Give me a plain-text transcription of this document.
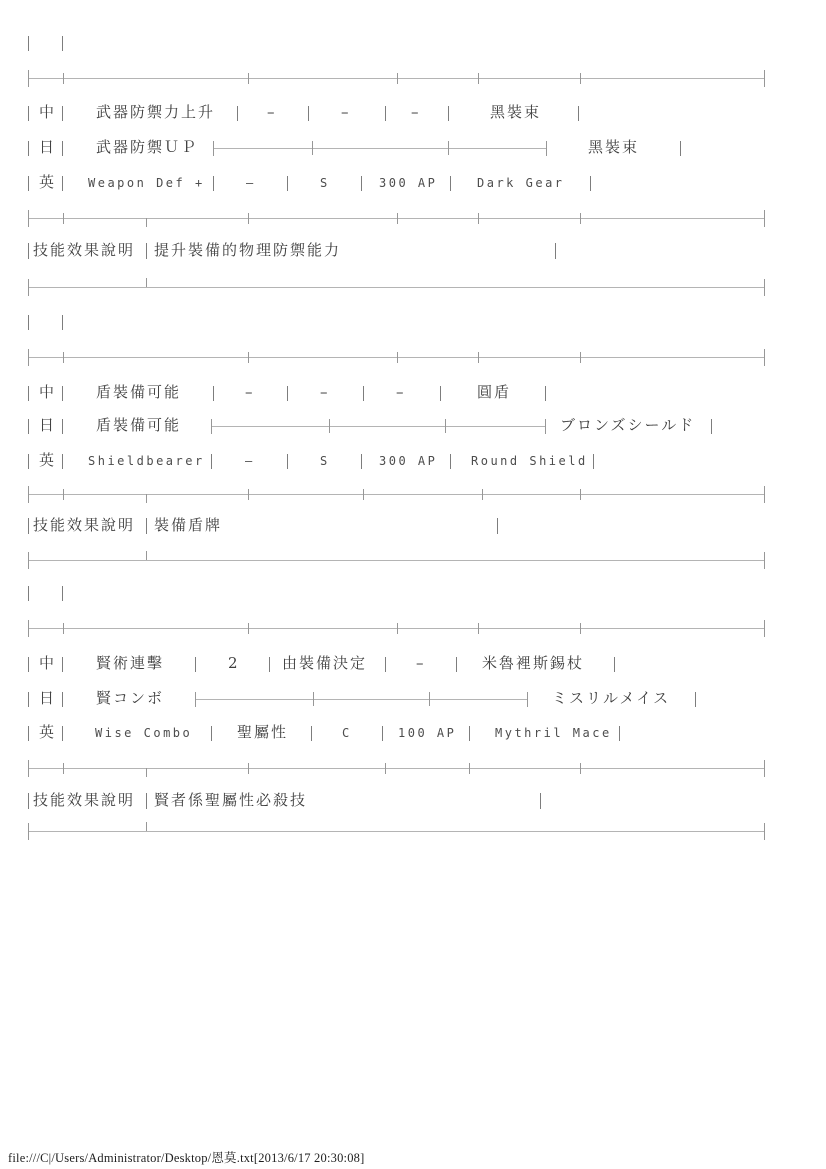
中	武器防禦力上升	–	–	–	黑裝束
日	武器防禦ＵＰ	黑裝束
英	Weapon Def +	–	S	300 AP	Dark Gear
技能效果說明 提升裝備的物理防禦能力
中	盾裝備可能	–	–	–	圓盾
日	盾裝備可能	ブロンズシールド
英	Shieldbearer	–	S	300 AP	Round Shield
技能效果說明 裝備盾牌
中	賢術連擊	2	由裝備決定	–	米魯裡斯錫杖
日	賢コンボ	ミスリルメイス
英	Wise Combo	聖屬性	C	100 AP	Mythril Mace
技能效果說明 賢者係聖屬性必殺技
file:///C|/Users/Administrator/Desktop/恩莫.txt[2013/6/17 20:30:08]
